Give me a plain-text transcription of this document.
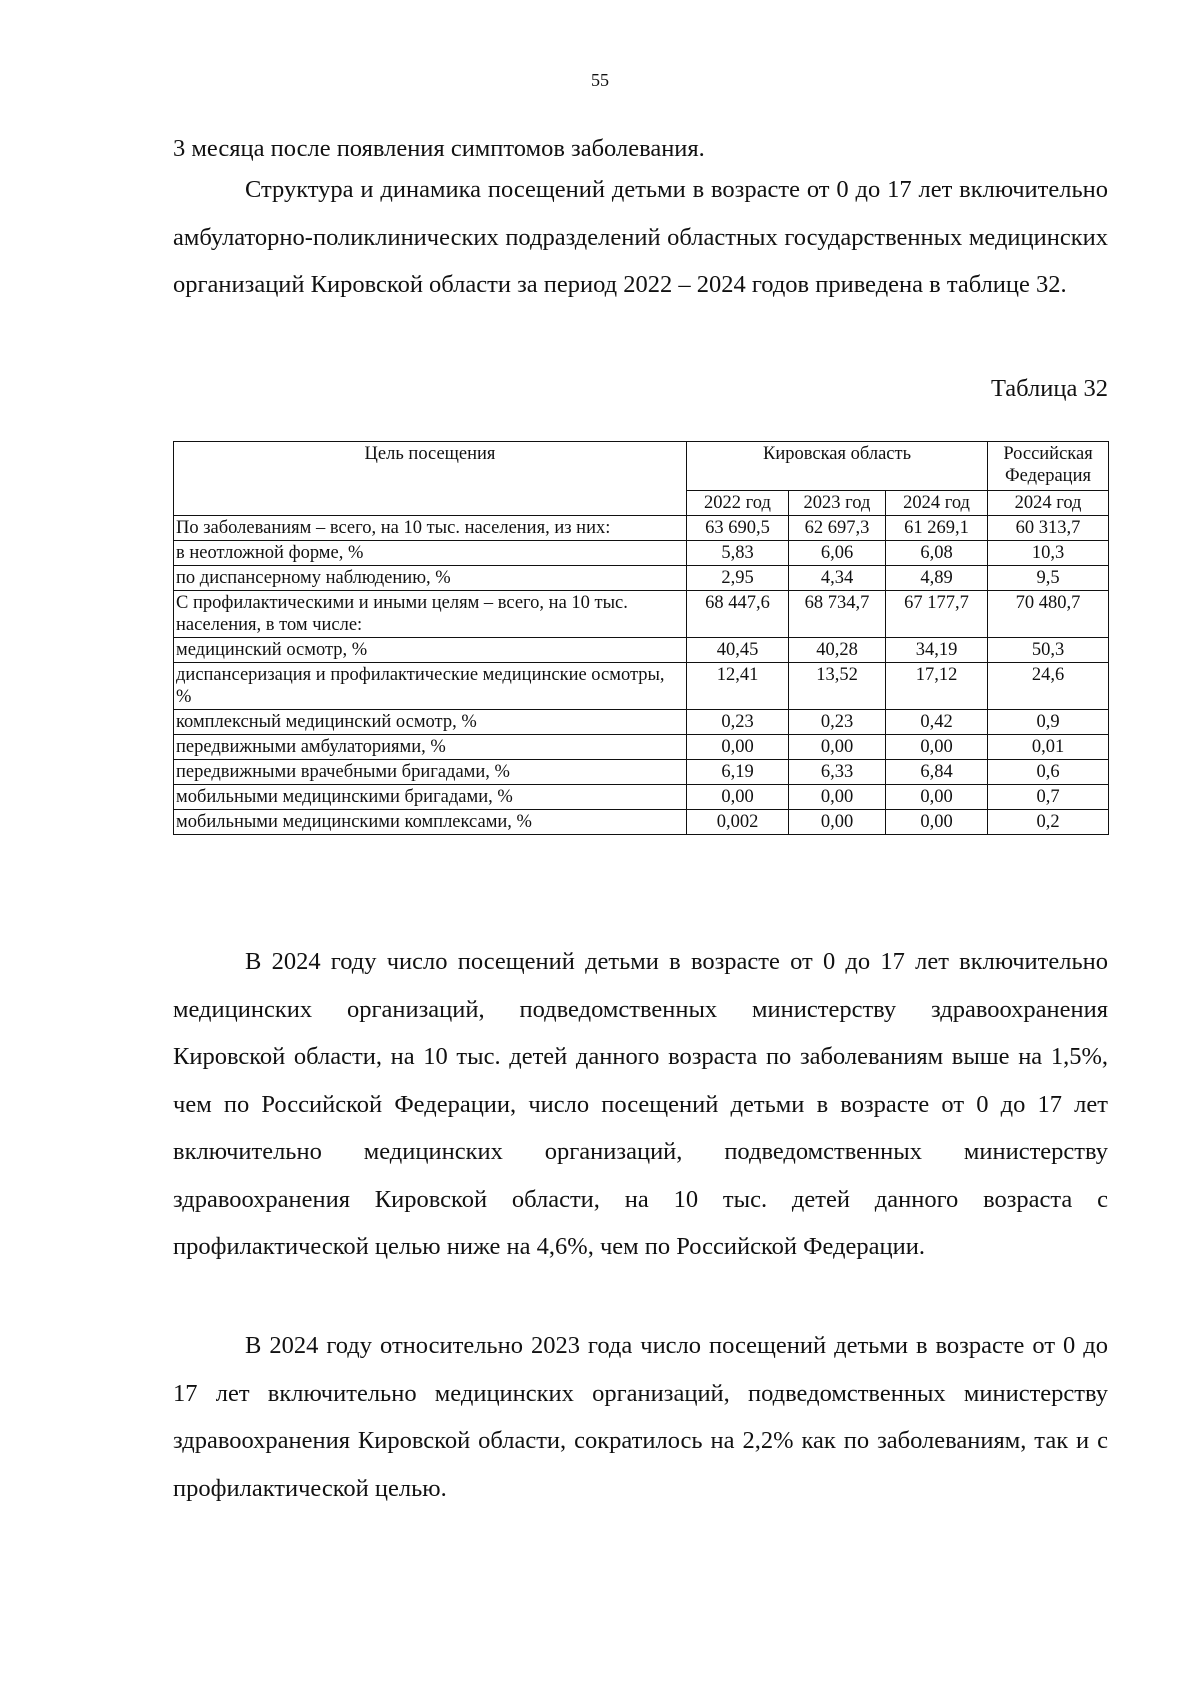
55

3 месяца после появления симптомов заболевания.

Структура и динамика посещений детьми в возрасте от 0 до 17 лет включительно амбулаторно-поликлинических подразделений областных государственных медицинских организаций Кировской области за период 2022 – 2024 годов приведена в таблице 32.

Таблица 32
Цель посещения	Кировская область			Российская Федерация
	2022 год	2023 год	2024 год	2024 год
По заболеваниям – всего, на 10 тыс. населения, из них:	63 690,5	62 697,3	61 269,1	60 313,7
в неотложной форме, %	5,83	6,06	6,08	10,3
по диспансерному наблюдению, %	2,95	4,34	4,89	9,5
С профилактическими и иными целям – всего, на 10 тыс. населения, в том числе:	68 447,6	68 734,7	67 177,7	70 480,7
медицинский осмотр, %	40,45	40,28	34,19	50,3
диспансеризация и профилактические медицинские осмотры, %	12,41	13,52	17,12	24,6
комплексный медицинский осмотр, %	0,23	0,23	0,42	0,9
передвижными амбулаториями, %	0,00	0,00	0,00	0,01
передвижными врачебными бригадами, %	6,19	6,33	6,84	0,6
мобильными медицинскими бригадами, %	0,00	0,00	0,00	0,7
мобильными медицинскими комплексами, %	0,002	0,00	0,00	0,2

В 2024 году число посещений детьми в возрасте от 0 до 17 лет включительно медицинских организаций, подведомственных министерству здравоохранения Кировской области, на 10 тыс. детей данного возраста по заболеваниям выше на 1,5%, чем по Российской Федерации, число посещений детьми в возрасте от 0 до 17 лет включительно медицинских организаций, подведомственных министерству здравоохранения Кировской области, на 10 тыс. детей данного возраста с профилактической целью ниже на 4,6%, чем по Российской Федерации.

В 2024 году относительно 2023 года число посещений детьми в возрасте от 0 до 17 лет включительно медицинских организаций, подведомственных министерству здравоохранения Кировской области, сократилось на 2,2% как по заболеваниям, так и с профилактической целью.
